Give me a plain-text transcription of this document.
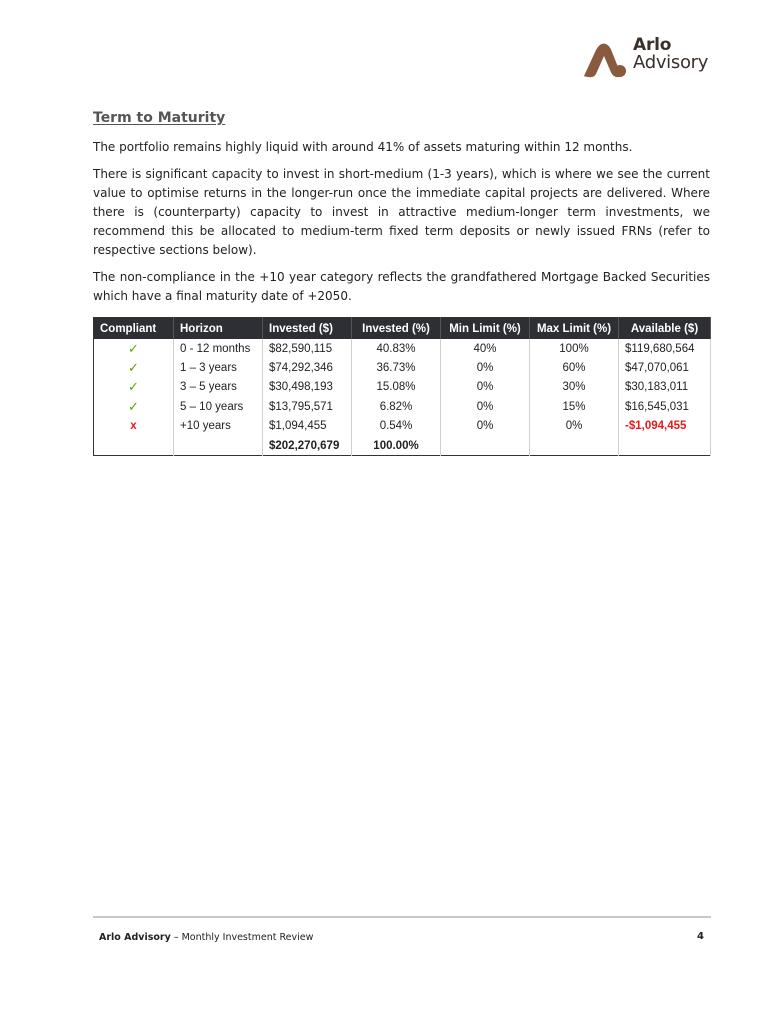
Arlo
Advisory
Term to Maturity

The portfolio remains highly liquid with around 41% of assets maturing within 12 months.

There is significant capacity to invest in short-medium (1-3 years), which is where we see the current value to optimise returns in the longer-run once the immediate capital projects are delivered. Where there is (counterparty) capacity to invest in attractive medium-longer term investments, we recommend this be allocated to medium-term fixed term deposits or newly issued FRNs (refer to respective sections below).

The non-compliance in the +10 year category reflects the grandfathered Mortgage Backed Securities which have a final maturity date of +2050.

Compliant	Horizon	Invested ($)	Invested (%)	Min Limit (%)	Max Limit (%)	Available ($)
✓	0 - 12 months	$82,590,115	40.83%	40%	100%	$119,680,564
✓	1 – 3 years	$74,292,346	36.73%	0%	60%	$47,070,061
✓	3 – 5 years	$30,498,193	15.08%	0%	30%	$30,183,011
✓	5 – 10 years	$13,795,571	6.82%	0%	15%	$16,545,031
x	+10 years	$1,094,455	0.54%	0%	0%	-$1,094,455
		$202,270,679	100.00%			
Arlo Advisory – Monthly Investment Review	4
